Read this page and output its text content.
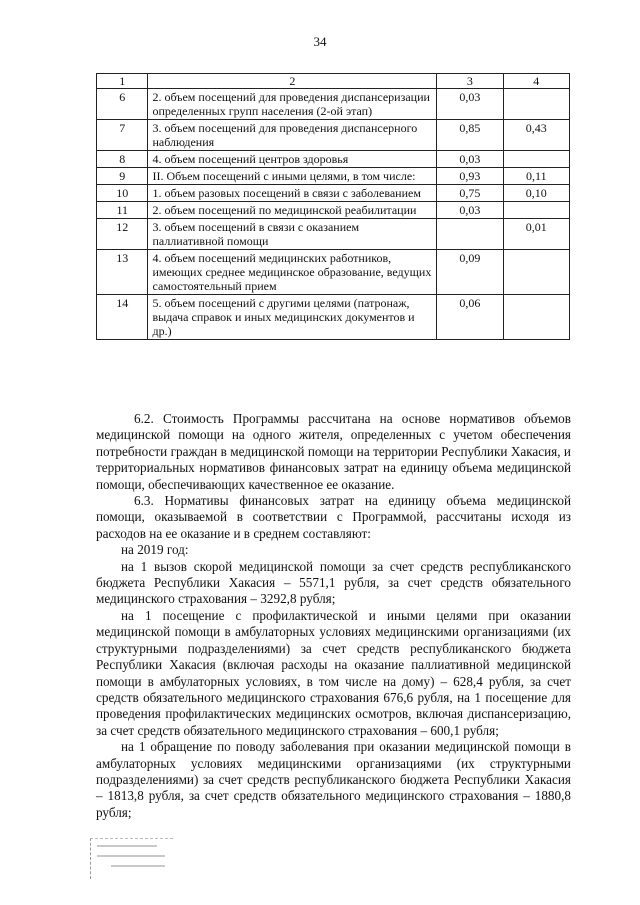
34
1	2	3	4
6	2. объем посещений для проведения диспансеризации определенных групп населения (2-ой этап)	0,03	
7	3. объем посещений для проведения диспансерного наблюдения	0,85	0,43
8	4. объем посещений центров здоровья	0,03	
9	II. Объем посещений с иными целями, в том числе:	0,93	0,11
10	1. объем разовых посещений в связи с заболеванием	0,75	0,10
11	2. объем посещений по медицинской реабилитации	0,03	
12	3. объем посещений в связи с оказанием паллиативной помощи		0,01
13	4. объем посещений медицинских работников, имеющих среднее медицинское образование, ведущих самостоятельный прием	0,09	
14	5. объем посещений с другими целями (патронаж, выдача справок и иных медицинских документов и др.)	0,06	

6.2. Стоимость Программы рассчитана на основе нормативов объемов медицинской помощи на одного жителя, определенных с учетом обеспечения потребности граждан в медицинской помощи на территории Республики Хакасия, и территориальных нормативов финансовых затрат на единицу объема медицинской помощи, обеспечивающих качественное ее оказание.

6.3. Нормативы финансовых затрат на единицу объема медицинской помощи, оказываемой в соответствии с Программой, рассчитаны исходя из расходов на ее оказание и в среднем составляют:

на 2019 год:

на 1 вызов скорой медицинской помощи за счет средств республиканского бюджета Республики Хакасия – 5571,1 рубля, за счет средств обязательного медицинского страхования – 3292,8 рубля;

на 1 посещение с профилактической и иными целями при оказании медицинской помощи в амбулаторных условиях медицинскими организациями (их структурными подразделениями) за счет средств республиканского бюджета Республики Хакасия (включая расходы на оказание паллиативной медицинской помощи в амбулаторных условиях, в том числе на дому) – 628,4 рубля, за счет средств обязательного медицинского страхования 676,6 рубля, на 1 посещение для проведения профилактических медицинских осмотров, включая диспансеризацию, за счет средств обязательного медицинского страхования – 600,1 рубля;

на 1 обращение по поводу заболевания при оказании медицинской помощи в амбулаторных условиях медицинскими организациями (их структурными подразделениями) за счет средств республиканского бюджета Республики Хакасия – 1813,8 рубля, за счет средств обязательного медицинского страхования – 1880,8 рубля;
